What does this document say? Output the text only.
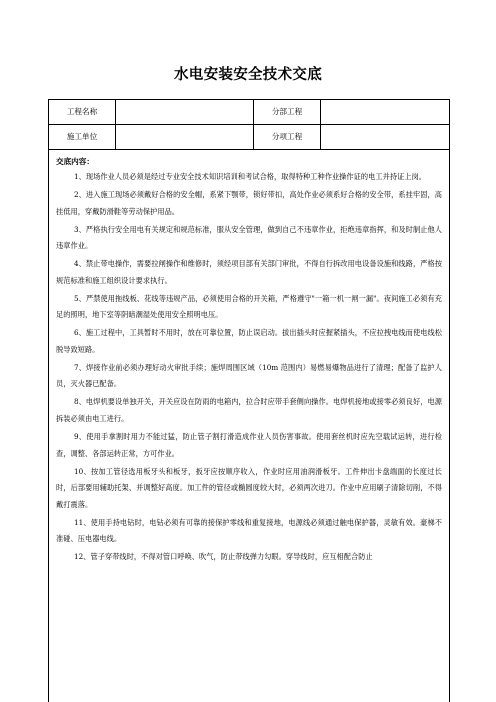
水电安装安全技术交底
工程名称	分部工程
施工单位	分项工程
交底内容：

1、现场作业人员必须是经过专业安全技术知识培训和考试合格，取得特种工种作业操作证的电工并持证上岗。

2、进入施工现场必须戴好合格的安全帽，系紧下颚带，锁好带扣，高处作业必须系好合格的安全带，系挂牢固，高挂低用，穿戴防滑鞋等劳动保护用品。

3、严格执行安全用电有关规定和规范标准，服从安全管理，做到自己不违章作业，拒绝违章指挥，和及时制止他人违章作业。

4、禁止带电操作，需要拉闸操作和维修时，须经项目部有关部门审批，不得自行拆改用电设备设施和线路，严格按规范标准和施工组织设计要求执行。

5、严禁使用拖线板、花线等违规产品，必须使用合格的开关箱，严格遵守"一箱一机一闸一漏"。夜间施工必须有充足的照明，地下室等阴暗潮湿处使用安全照明电压。

6、施工过程中，工具暂时不用时，放在可靠位置，防止误启动。拔出插头时应握紧插头，不应拉拽电线而使电线松脱导致短路。

7、焊接作业前必须办理好动火审批手续；施焊周围区域（10m 范围内）易燃易爆物品进行了清理；配备了监护人员，灭火器已配备。

8、电焊机要设单独开关，开关应设在防雨的电箱内，拉合时应带手套侧向操作。电焊机接地或接零必须良好，电源拆装必须由电工进行。

9、使用手拿割时用力不能过猛，防止管子割打滑造成作业人员伤害事故。使用套丝机时应先空载试运转，进行检查，调整、各部运转正常，方可作业。

10、按加工管径选用板牙头和板牙，扳牙应按顺序收入，作业时应用油润滑板牙。工件伸出卡盘端面的长度过长时，后部要用辅助托架、并调整好高度。加工件的管径或椭圆度较大时，必须两次进刀。作业中应用刷子清除切削，不得戴打震落。

11、使用手持电钻时，电钻必须有可靠的接保护零线和重复接地，电源线必须通过触电保护器，灵敏有效。豪梯不准碰、压电器电线。

12、管子穿带线时，不得对管口呼唤、吹气，防止带线弹力勾眼。穿导线时，应互相配合防止
